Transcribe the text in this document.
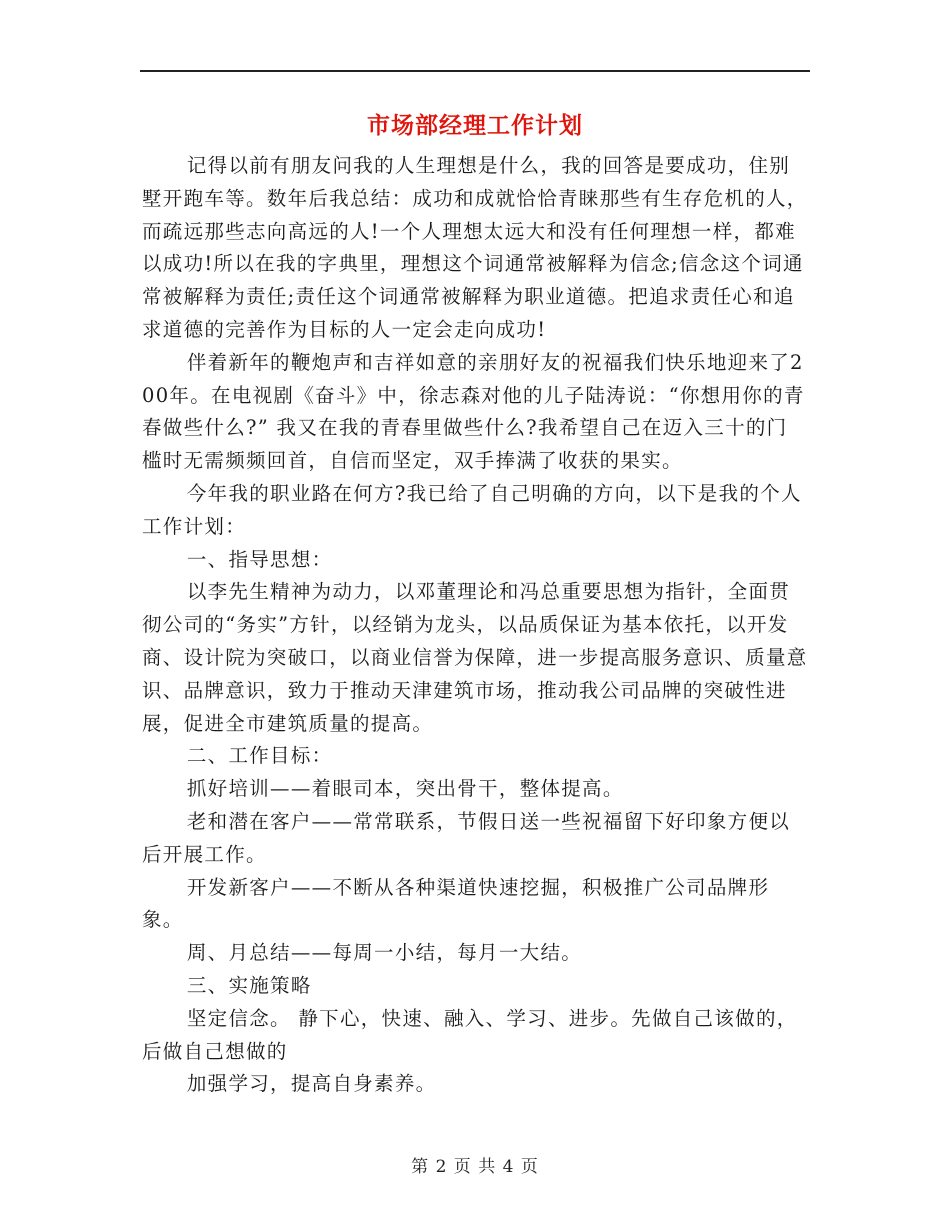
市场部经理工作计划

记得以前有朋友问我的人生理想是什么，我的回答是要成功，住别墅开跑车等。数年后我总结：成功和成就恰恰青睐那些有生存危机的人，而疏远那些志向高远的人!一个人理想太远大和没有任何理想一样，都难以成功!所以在我的字典里，理想这个词通常被解释为信念;信念这个词通常被解释为责任;责任这个词通常被解释为职业道德。把追求责任心和追求道德的完善作为目标的人一定会走向成功!

伴着新年的鞭炮声和吉祥如意的亲朋好友的祝福我们快乐地迎来了200年。在电视剧《奋斗》中，徐志森对他的儿子陆涛说：“你想用你的青春做些什么?” 我又在我的青春里做些什么?我希望自己在迈入三十的门槛时无需频频回首，自信而坚定，双手捧满了收获的果实。

今年我的职业路在何方?我已给了自己明确的方向，以下是我的个人工作计划：

一、指导思想：

以李先生精神为动力，以邓董理论和冯总重要思想为指针，全面贯彻公司的“务实”方针，以经销为龙头，以品质保证为基本依托，以开发商、设计院为突破口，以商业信誉为保障，进一步提高服务意识、质量意识、品牌意识，致力于推动天津建筑市场，推动我公司品牌的突破性进展，促进全市建筑质量的提高。

二、工作目标：

抓好培训——着眼司本，突出骨干，整体提高。

老和潜在客户——常常联系，节假日送一些祝福留下好印象方便以后开展工作。

开发新客户——不断从各种渠道快速挖掘，积极推广公司品牌形象。

周、月总结——每周一小结，每月一大结。

三、实施策略

坚定信念。 静下心，快速、融入、学习、进步。先做自己该做的，后做自己想做的

加强学习，提高自身素养。

第 2 页 共 4 页
